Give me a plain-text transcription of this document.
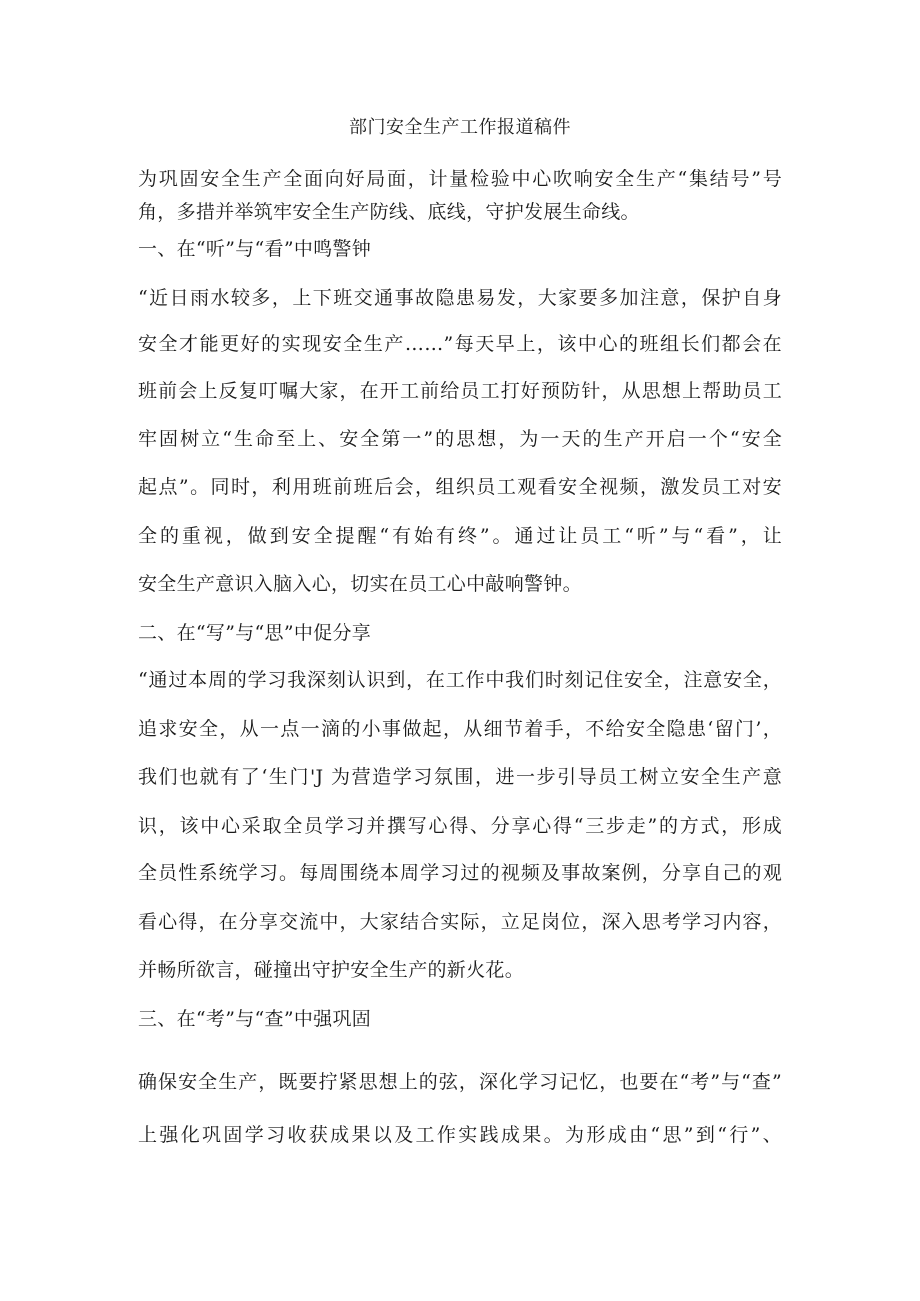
部门安全生产工作报道稿件
为巩固安全生产全面向好局面，计量检验中心吹响安全生产“集结号”号
角，多措并举筑牢安全生产防线、底线，守护发展生命线。
一、在“听”与“看”中鸣警钟
“近日雨水较多，上下班交通事故隐患易发，大家要多加注意，保护自身
安全才能更好的实现安全生产……”每天早上，该中心的班组长们都会在
班前会上反复叮嘱大家，在开工前给员工打好预防针，从思想上帮助员工
牢固树立“生命至上、安全第一”的思想，为一天的生产开启一个“安全
起点”。同时，利用班前班后会，组织员工观看安全视频，激发员工对安
全的重视，做到安全提醒“有始有终”。通过让员工“听”与“看”，让
安全生产意识入脑入心，切实在员工心中敲响警钟。
二、在“写”与“思”中促分享
“通过本周的学习我深刻认识到，在工作中我们时刻记住安全，注意安全，
追求安全，从一点一滴的小事做起，从细节着手，不给安全隐患‘留门’，
我们也就有了‘生门'J 为营造学习氛围，进一步引导员工树立安全生产意
识，该中心采取全员学习并撰写心得、分享心得“三步走”的方式，形成
全员性系统学习。每周围绕本周学习过的视频及事故案例，分享自己的观
看心得，在分享交流中，大家结合实际，立足岗位，深入思考学习内容，
并畅所欲言，碰撞出守护安全生产的新火花。
三、在“考”与“查”中强巩固
确保安全生产，既要拧紧思想上的弦，深化学习记忆，也要在“考”与“查”
上强化巩固学习收获成果以及工作实践成果。为形成由“思”到“行”、
